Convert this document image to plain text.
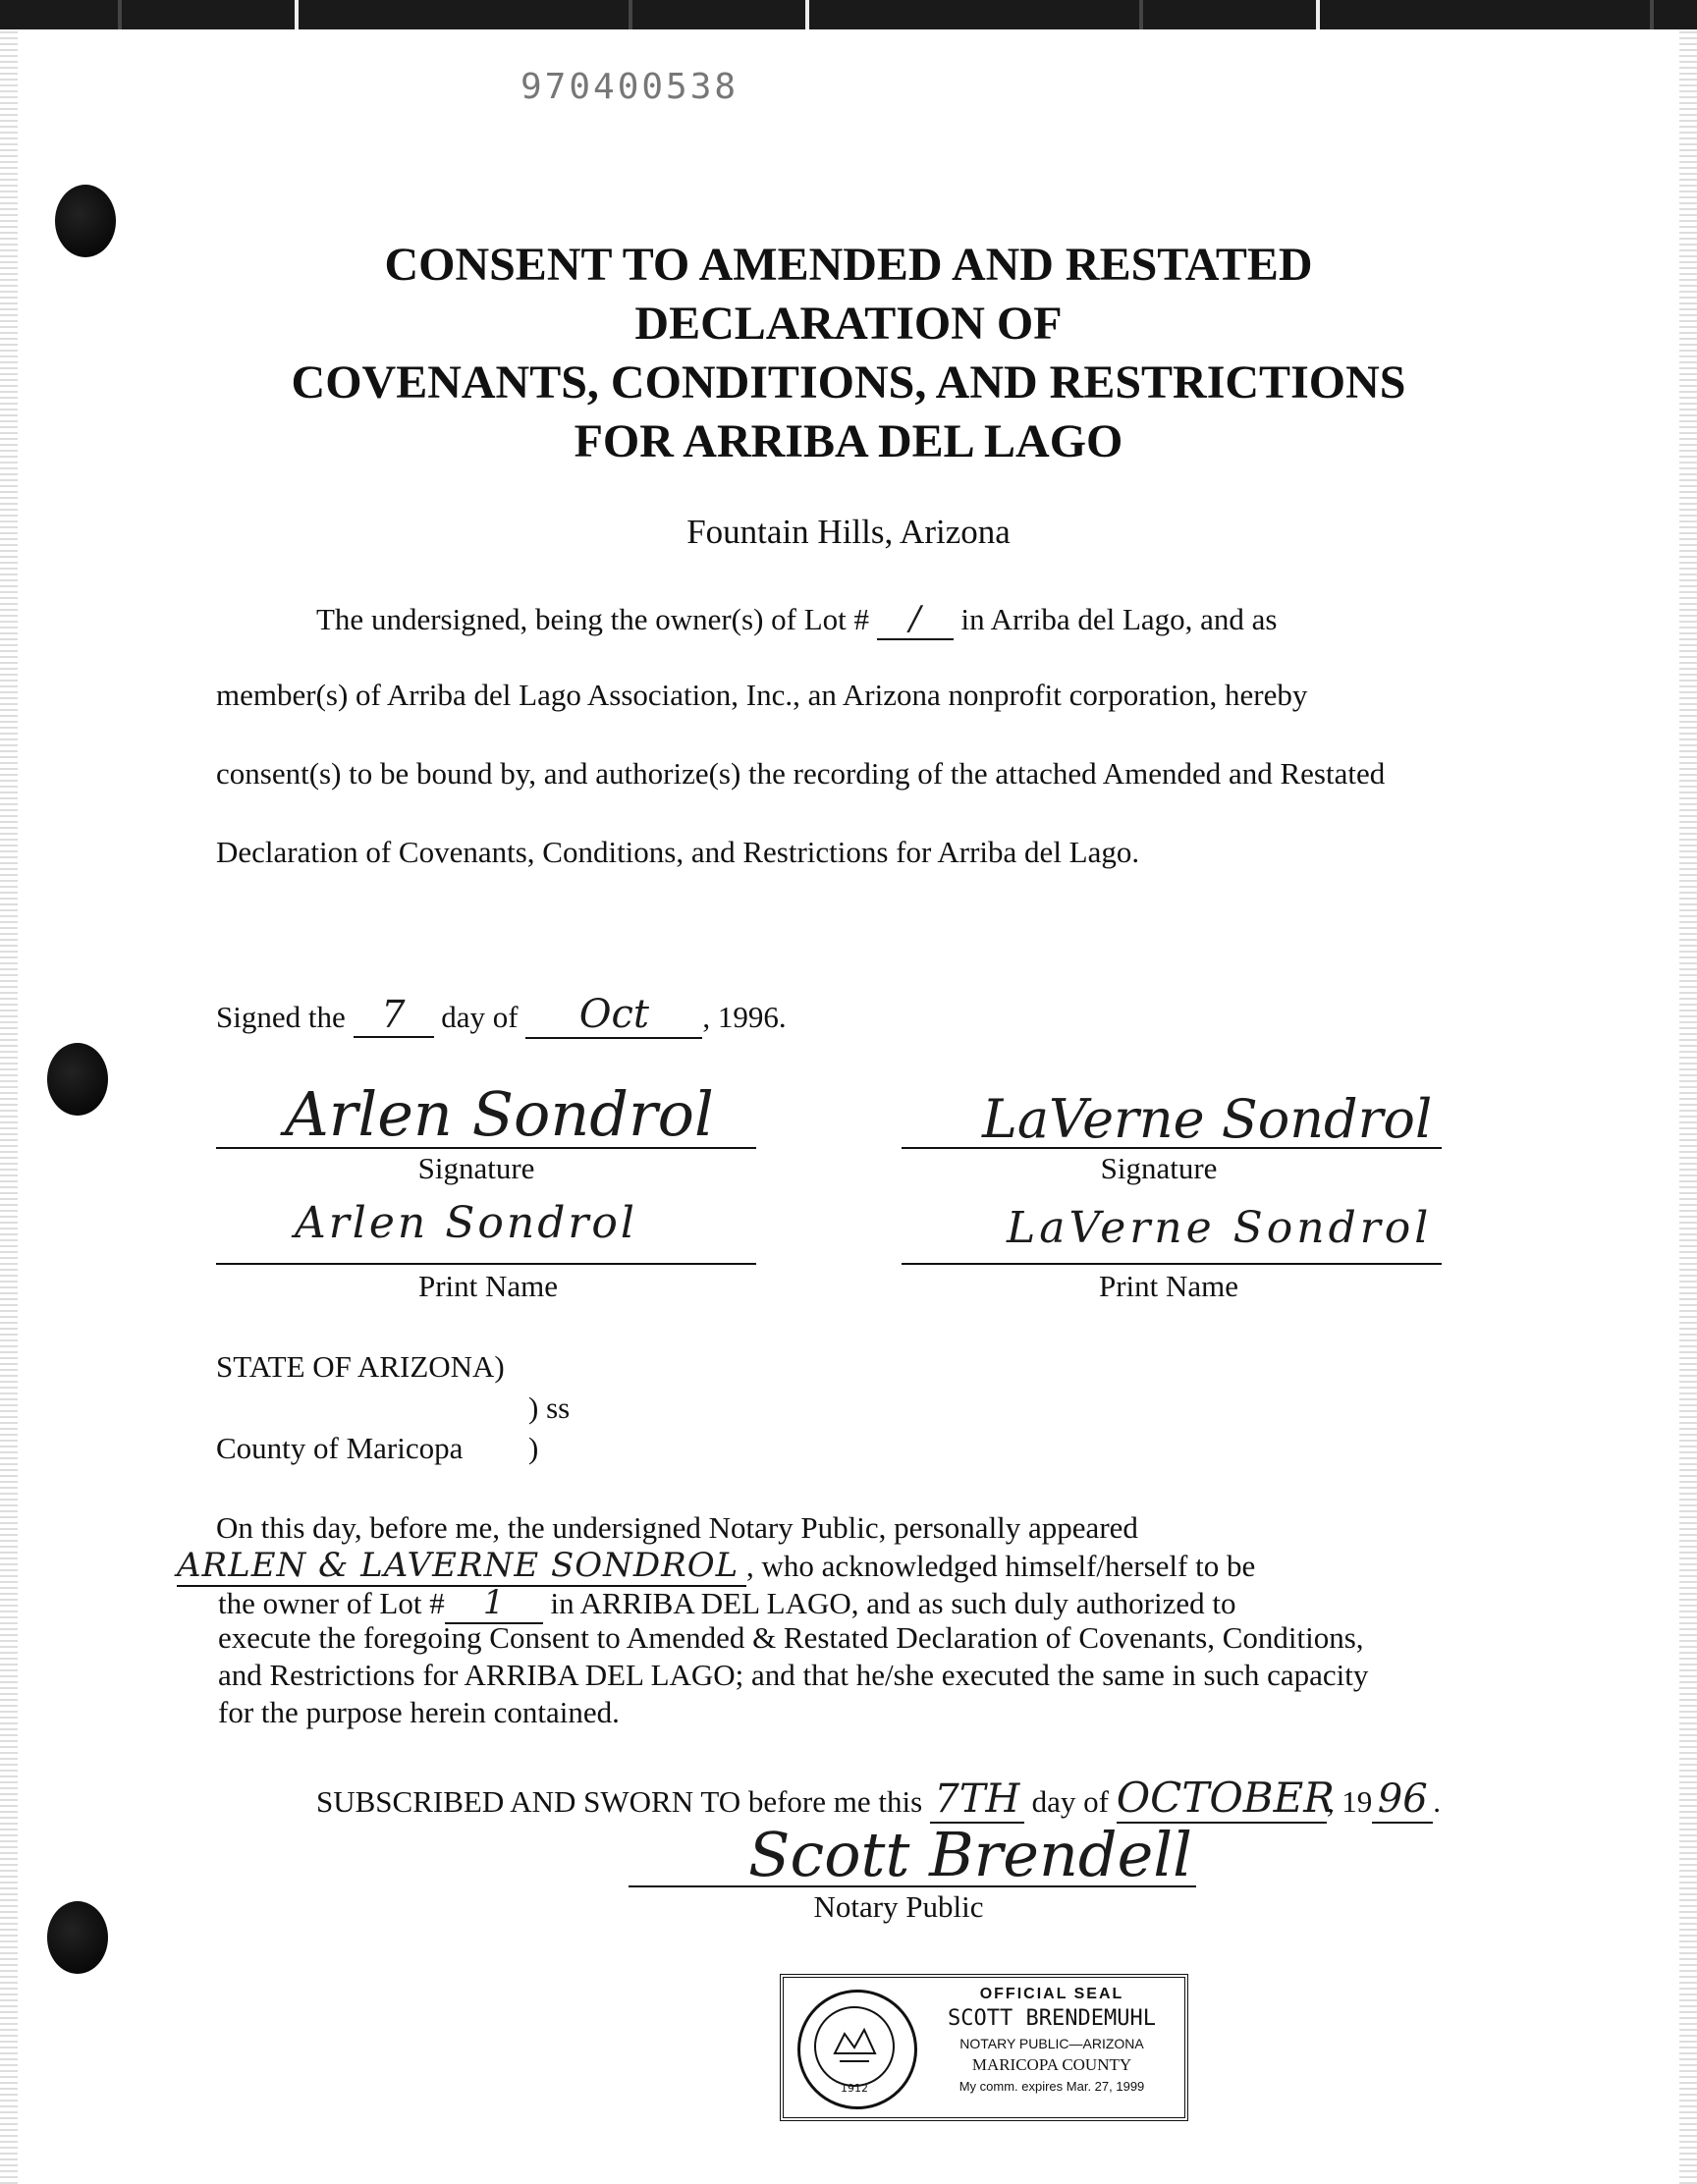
970400538
CONSENT TO AMENDED AND RESTATED
DECLARATION OF
COVENANTS, CONDITIONS, AND RESTRICTIONS
FOR ARRIBA DEL LAGO
Fountain Hills, Arizona
The undersigned, being the owner(s) of Lot # / in Arriba del Lago, and as
member(s) of Arriba del Lago Association, Inc., an Arizona nonprofit corporation, hereby
consent(s) to be bound by, and authorize(s) the recording of the attached Amended and Restated
Declaration of Covenants, Conditions, and Restrictions for Arriba del Lago.
Signed the 7 day of Oct , 1996.
Arlen Sondrol
Signature
LaVerne Sondrol
Signature
Arlen Sondrol
Print Name
LaVerne Sondrol
Print Name
STATE OF ARIZONA)
) ss
County of Maricopa )
On this day, before me, the undersigned Notary Public, personally appeared
ARLEN & LAVERNE SONDROL , who acknowledged himself/herself to be
the owner of Lot # 1 in ARRIBA DEL LAGO, and as such duly authorized to
execute the foregoing Consent to Amended & Restated Declaration of Covenants, Conditions,
and Restrictions for ARRIBA DEL LAGO; and that he/she executed the same in such capacity
for the purpose herein contained.
SUBSCRIBED AND SWORN TO before me this 7TH day of OCTOBER, 19 96 .
Scott Brendell
Notary Public
1912
OFFICIAL SEAL
SCOTT BRENDEMUHL
NOTARY PUBLIC—ARIZONA
MARICOPA COUNTY
My comm. expires Mar. 27, 1999
